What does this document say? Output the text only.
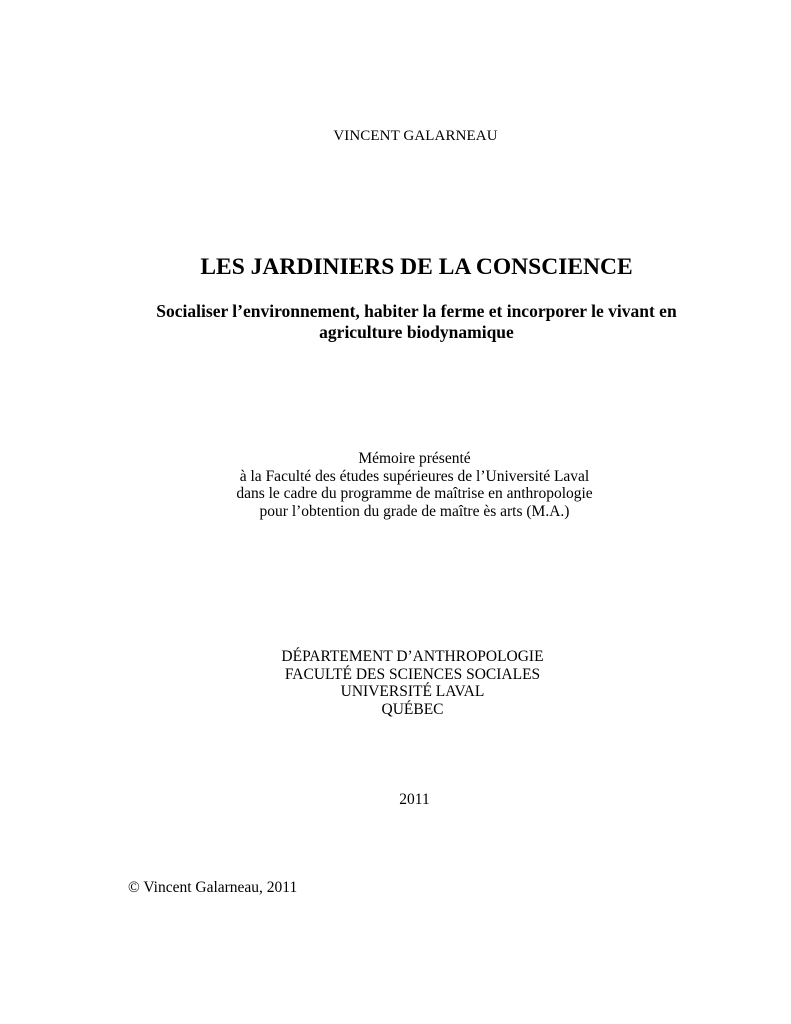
VINCENT GALARNEAU
LES JARDINIERS DE LA CONSCIENCE
Socialiser l’environnement, habiter la ferme et incorporer le vivant en
agriculture biodynamique
Mémoire présenté
à la Faculté des études supérieures de l’Université Laval
dans le cadre du programme de maîtrise en anthropologie
pour l’obtention du grade de maître ès arts (M.A.)
DÉPARTEMENT D’ANTHROPOLOGIE
FACULTÉ DES SCIENCES SOCIALES
UNIVERSITÉ LAVAL
QUÉBEC
2011
© Vincent Galarneau, 2011
